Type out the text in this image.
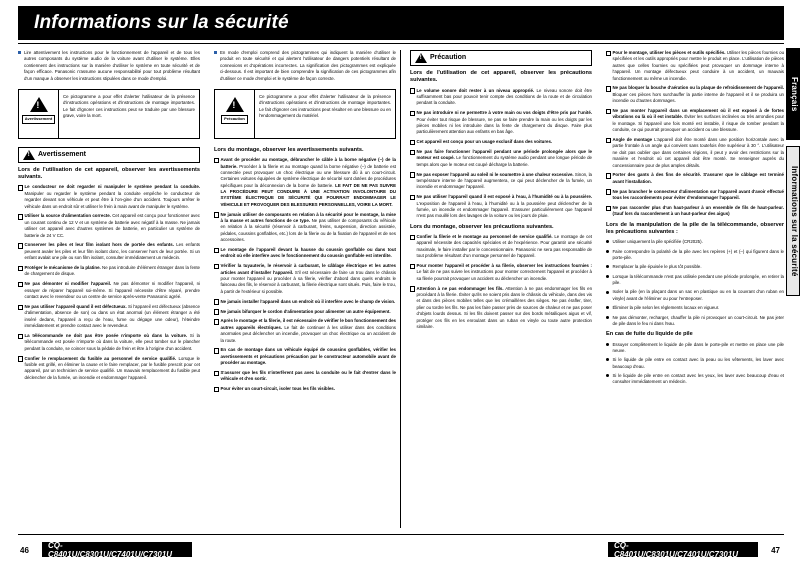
Informations sur la sécurité
Français
Informations sur la sécurité

Lire attentivement les instructions pour le fonctionnement de l'appareil et de tous les autres composants du système audio de la voiture avant d'utiliser le système. Elles contiennent des instructions sur la manière d'utiliser le système en toute sécurité et de façon efficace. Panasonic n'assume aucune responsabilité pour tout problème résultant d'un manque à observer les instructions stipulées dans ce mode d'emploi.

!
Avertissement
Ce pictogramme a pour effet d'alerter l'utilisateur de la présence d'instructions opérations et d'instructions de montage importantes. Le fait d'ignorer ces instructions peut se traduire par une blessure grave, voire la mort.
!
Avertissement
Lors de l'utilisation de cet appareil, observer les avertissements suivants.
Le conducteur ne doit regarder ni manipuler le système pendant la conduite. Manipuler ou regarder le système pendant la conduite empêche le conducteur de regarder devant son véhicule et peut être à l'on-gine d'un accident. Toujours arrêter le véhicule dans un endroit sûr et utiliser le frein à main avant de manipuler le système.
Utiliser la source d'alimentation correcte. Cet appareil est conçu pour fonctionner avec un courant continu de 12 V et un système de batterie avec négatif à la masse. Ne jamais utiliser cet appareil avec d'autres systèmes de batterie, en particulier un système de batterie de 24 V CC.
Conserver les piles et leur film isolant hors de portée des enfants. Les enfants peuvent avaler les piles et leur film isolant donc, les conserver hors de leur portée. Si un enfant avalait une pile ou son film isolant, consulter immédiatement un médecin.
Protéger le mécanisme de la platine. Ne pas introduire d'élément étranger dans la fente de chargement de disque.
Ne pas démonter ni modifier l'appareil. Ne pas démonter ni modifier l'appareil, ni essayer de réparer l'appareil soi-même. Si l'appareil nécessite d'être réparé, prendre contact avec le revendeur ou un centre de service après-vente Panasonic agréé.
Ne pas utiliser l'appareil quand il est défectueux. Si l'appareil est défectueux (absence d'alimentation, absence de son) ou dans un état anormal (un élément étranger a été inséré dedans, l'appareil a reçu de l'eau, fume ou dégage une odeur), l'éteindre immédiatement et prendre contact avec le revendeur.
La télécommande ne doit pas être posée n'importe où dans la voiture. Si la télécommande est posée n'importe où dans la voiture, elle peut tomber sur le plancher pendant la conduite, se coincer sous la pédale de frein et être à l'origine d'un accident.
Confier le remplacement du fusible au personnel de service qualifié. Lorsque le fusible est grillé, en éliminer la cause et le faire remplacer, par le fusible prescrit pour cet appareil, par un technicien de service qualifié. Un mauvais remplacement du fusible peut déclencher de la fumée, un incendie et endommager l'appareil.

En mode d'emploi comprend des pictogrammes qui indiquent la manière d'utiliser le produit en toute sécurité et qui alertent l'utilisateur de dangers potentiels résultant de connexions et d'opérations incorrectes. La signification des pictogrammes est expliquée ci-dessous. Il est important de bien comprendre la signification de ces pictogrammes afin d'utiliser ce mode d'emploi et le système de façon correcte.

!
Précaution
Ce pictogramme a pour effet d'alerter l'utilisateur de la présence d'instructions opérations et d'instructions de montage importantes. Le fait d'ignorer ces instructions peut résulter en une blessure ou en l'endommagement du matériel.
Lors du montage, observer les avertissements suivants.
Avant de procéder au montage, débrancher le câble à la borne négative (–) de la batterie. Procéder à la filerie et au montage quand la borne négative (–) de batterie est connectée peut provoquer un choc électrique ou une blessure dû à un court-circuit. Certaines voitures équipées de système électrique de sécurité sont dotées de procédures spécifiques pour la déconnexion de la borne de batterie. LE FAIT DE NE PAS SUIVRE LA PROCÉDURE PEUT CONDUIRE À UNE ACTIVATION INVOLONTAIRE DU SYSTÈME ÉLECTRIQUE DE SÉCURITÉ QUI POURRAIT ENDOMMAGER LE VÉHICULE ET PROVOQUER DES BLESSURES PERSONNELLES, VOIRE LA MORT.
Ne jamais utiliser de composants en relation à la sécurité pour le montage, la mise à la masse et autres fonctions de ce type. Ne pas utiliser de composants du véhicule en relation à la sécurité (réservoir à carburant, freins, suspension, direction assistée, pédales, coussins gonflables, etc.) lors de la filerie ou de la fixation de l'appareil et de ses accessoires.
Le montage de l'appareil devant la hausse du coussin gonflable ou dans tout endroit où elle interfère avec le fonctionnement du coussin gonflable est interdite.
Vérifier la tuyauterie, le réservoir à carburant, le câblage électrique et les autres articles avant d'installer l'appareil. S'il est nécessaire de faire un trou dans le châssis pour monter l'appareil ou procéder à sa filerie, vérifier d'abord dans quels endroits le faisceau des fils, le réservoir à carburant, la filerie électrique sont situés. Puis, faire le trou, à partir de l'extérieur si possible.
Ne jamais installer l'appareil dans un endroit où il interfère avec le champ de vision.
Ne jamais bifurquer le cordon d'alimentation pour alimenter un autre équipement.
Après le montage et la filerie, il est nécessaire de vérifier le bon fonctionnement des autres appareils électriques. Le fait de continuer à les utiliser dans des conditions anormales peut déclencher un incendie, provoquer un choc électrique ou un accident de la route.
En cas de montage dans un véhicule équipé de coussins gonflables, vérifier les avertissements et précautions précaution par le constructeur automobile avant de procéder au montage.
S'assurer que les fils n'interfèrent pas avec la conduite ou le fait d'entrer dans le véhicule et d'en sortir.
Pour éviter un court-circuit, isoler tous les fils visibles.
!
Précaution
Lors de l'utilisation de cet appareil, observer les précautions suivantes.
Le volume sonore doit rester à un niveau approprié. Le niveau sonore doit être suffisamment bas pour pouvoir tenir compte des conditions de la route et de circulation pendant la conduite.
Ne pas introduire ni ne permettre à votre main ou vos doigts d'être pris par l'unité. Pour éviter tout risque de blessure, ne pas se faire prendre la main ou les doigts par les pièces mobiles ni les introduire dans la fente de chargement du disque. Faire plus particulièrement attention aux enfants en bas âge.
Cet appareil est conçu pour un usage exclusif dans des voitures.
Ne pas faire fonctionner l'appareil pendant une période prolongée alors que le moteur est coupé. Le fonctionnement du système audio pendant une longue période de temps alors que le moteur est coupé décharge la batterie.
Ne pas exposer l'appareil au soleil ni le soumettre à une chaleur excessive. Sinon, la température interne de l'appareil augmentera, ce qui peut déclencher de la fumée, un incendie et endommager l'appareil.
Ne pas utiliser l'appareil quand il est exposé à l'eau, à l'humidité ou à la poussière. L'exposition de l'appareil à l'eau, à l'humidité ou à la poussière peut déclencher de la fumée, un incendie et endommager l'appareil. S'assurer particulièrement que l'appareil n'est pas mouillé lors des lavages de la voiture ou les jours de pluie.
Lors du montage, observer les précautions suivantes.
Confier la filerie et le montage au personnel de service qualifié. Le montage de cet appareil nécessite des capacités spéciales et de l'expérience. Pour garantir une sécurité maximale, le faire installer par le concessionnaire. Panasonic ne sera pas responsable de tout problème résultant d'un montage personnel de l'appareil.
Pour monter l'appareil et procéder à sa filerie, observer les instructions fournies : Le fait de ne pas suivre les instructions pour monter correctement l'appareil et procéder à sa filerie pourrait provoquer un accident ou déclencher un incendie.
Attention à ne pas endommager les fils. Attention à ne pas endommager les fils en procédant à la filerie. Éviter qu'ils ne soient pris dans le châssis du véhicule, dans des vis et dans des pièces mobiles telles que les crémaillères des sièges. Ne pas érafler, tirer, plier ou tordre les fils. Ne pas les faire passer près de sources de chaleur et ne pas poser d'objets lourds dessus. Si les fils doivent passer sur des bords métalliques aigus et vif, protéger ces fils en les enroulant dans un ruban en vinyle ou toute autre protection similaire.
Pour le montage, utiliser les pièces et outils spécifiés. Utiliser les pièces fournies ou spécifiées et les outils appropriés pour mettre le produit en place. L'utilisation de pièces autres que celles fournies ou spécifiées peut provoquer un dommage interne à l'appareil. Un montage défectueux peut conduire à un accident, un mauvais fonctionnement ou même un incendie.
Ne pas bloquer la bouche d'aération ou la plaque de refroidissement de l'appareil. Bloquer ces pièces hors surchauffer la partie interne de l'appareil et il se produira un incendie ou d'autres dommages.
Ne pas monter l'appareil dans un emplacement où il est exposé à de fortes vibrations ou là où il est instable. Éviter les surfaces inclinées ou très arrondies pour le montage. Si l'appareil une fois monté est instable, il risque de tomber pendant la conduite, ce qui pourrait provoquer un accident ou une blessure.
Angle de montage L'appareil doit être monté dans une position horizontale avec la partie frontale à un angle qui convient sans toutefois être supérieur à 30 °. L'utilisateur ne doit pas oublier que dans certaines régions, il peut y avoir des restrictions sur la manière et l'endroit où cet appareil doit être monté. Se renseigner auprès du concessionnaire pour de plus amples détails.
Porter des gants à des fins de sécurité. S'assurer que le câblage est terminé avant l'installation.
Ne pas brancher le connecteur d'alimentation sur l'appareil avant d'avoir effectué tous les raccordements pour éviter d'endommager l'appareil.
Ne pas raccorder plus d'un haut-parleur à un ensemble de fils de haut-parleur. (Sauf lors du raccordement à un haut-parleur des aigus)
Lors de la manipulation de la pile de la télécommande, observer les précautions suivantes :
Utiliser uniquement la pile spécifiée (CR2025).
Faire correspondre la polarité de la pile avec les repères (+) et (–) qui figurent dans le porte-pile.
Remplacer la pile épuisée le plus tôt possible.
Lorsque la télécommande n'est pas utilisée pendant une période prolongée, en retirer la pile.
Isoler la pile (en la plaçant dans un sac en plastique ou en la couvrant d'un ruban en vinyle) avant de l'éliminer ou pour l'entreposer.
Éliminer la pile selon les règlements locaux en vigueur.
Ne pas démonter, recharger, chauffer la pile ni provoquer un court-circuit. Ne pas jeter de pile dans le feu ni dans l'eau.
En cas de fuite du liquide de pile
Essuyer complètement le liquide de pile dans le porte-pile et mettre en place une pile neuve.
Si le liquide de pile entre en contact avec la peau ou les vêtements, les laver avec beaucoup d'eau.
Si le liquide de pile entre en contact avec les yeux, les laver avec beaucoup d'eau et consulter immédiatement un médecin.
46
CQ-C8401U/C8301U/C7401U/C7301U
CQ-C8401U/C8301U/C7401U/C7301U	47
